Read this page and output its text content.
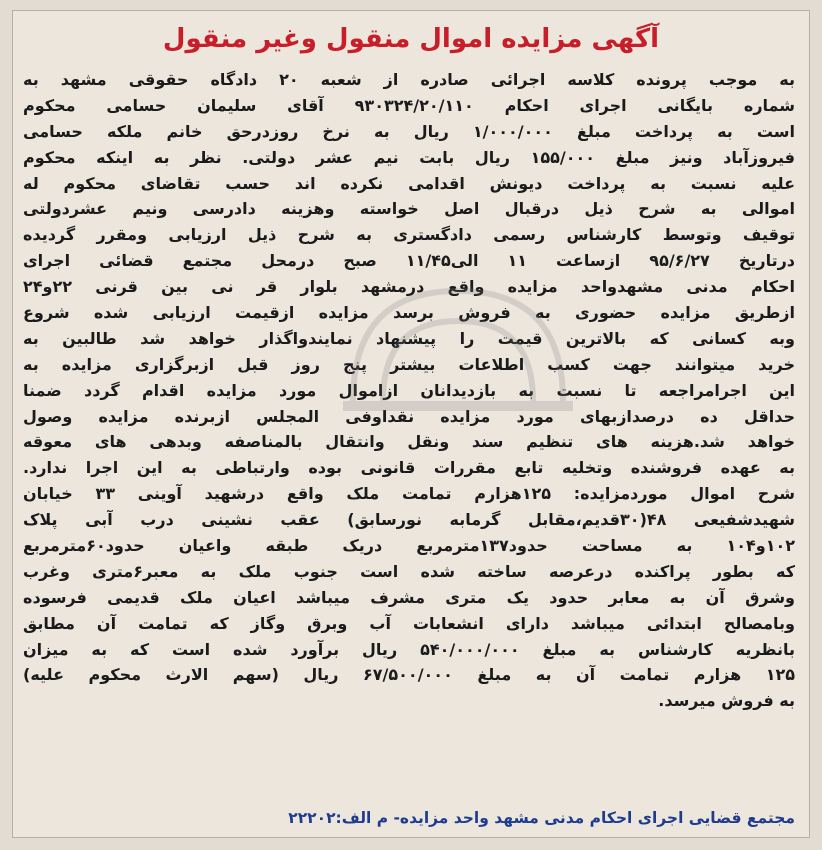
آگهی مزایده اموال منقول وغیر منقول
به موجب پرونده کلاسه اجرائی صادره از شعبه ۲۰ دادگاه حقوقی مشهد به
شماره بایگانی اجرای احکام ۹۳۰۳۲۴/۲۰/۱۱۰ آقای سلیمان حسامی محکوم
است به پرداخت مبلغ ۱/۰۰۰/۰۰۰ ریال به نرخ روزدرحق خانم ملکه حسامی
فیروزآباد ونیز مبلغ ۱۵۵/۰۰۰ ریال بابت نیم عشر دولتی. نظر به اینکه محکوم
علیه نسبت به پرداخت دیونش اقدامی نکرده اند حسب تقاضای محکوم له
اموالی به شرح ذیل درقبال اصل خواسته وهزینه دادرسی ونیم عشردولتی
توقیف وتوسط کارشناس رسمی دادگستری به شرح ذیل ارزیابی ومقرر گردیده
درتاریخ ۹۵/۶/۲۷ ازساعت ۱۱ الی۱۱/۴۵ صبح درمحل مجتمع قضائی اجرای
احکام مدنی مشهدواحد مزایده واقع درمشهد بلوار قر نی بین قرنی ۲۲و۲۴
ازطریق مزایده حضوری به فروش برسد مزایده ازقیمت ارزیابی شده شروع
وبه کسانی که بالاترین قیمت را پیشنهاد نمایندواگذار خواهد شد طالبین به
خرید میتوانند جهت کسب اطلاعات بیشتر پنج روز قبل ازبرگزاری مزایده به
این اجرامراجعه تا نسبت به بازدیدانان ازاموال مورد مزایده اقدام گردد ضمنا
حداقل ده درصدازبهای مورد مزایده نقداوفی المجلس ازبرنده مزایده وصول
خواهد شد.هزینه های تنظیم سند ونقل وانتقال بالمناصفه وبدهی های معوقه
به عهده فروشنده وتخلیه تابع مقررات قانونی بوده وارتباطی به این اجرا ندارد.
شرح اموال موردمزایده: ۱۲۵هزارم تمامت ملک واقع درشهید آوینی ۳۳ خیابان
شهیدشفیعی ۴۸(۳۰قدیم،مقابل گرمابه نورسابق) عقب نشینی درب آبی پلاک
۱۰۲و۱۰۴ به مساحت حدود۱۳۷مترمربع دریک طبقه واعیان حدود۶۰مترمربع
که بطور پراکنده درعرصه ساخته شده است جنوب ملک به معبر۶متری وغرب
وشرق آن به معابر حدود یک متری مشرف میباشد اعیان ملک قدیمی فرسوده
وبامصالح ابتدائی میباشد دارای انشعابات آب وبرق وگاز که تمامت آن مطابق
بانظریه کارشناس به مبلغ ۵۴۰/۰۰۰/۰۰۰ ریال برآورد شده است که به میزان
۱۲۵ هزارم تمامت آن به مبلغ ۶۷/۵۰۰/۰۰۰ ریال (سهم الارث محکوم علیه)
به فروش میرسد.
مجتمع قضایی اجرای احکام مدنی مشهد واحد مزایده- م الف:۲۲۲۰۲
